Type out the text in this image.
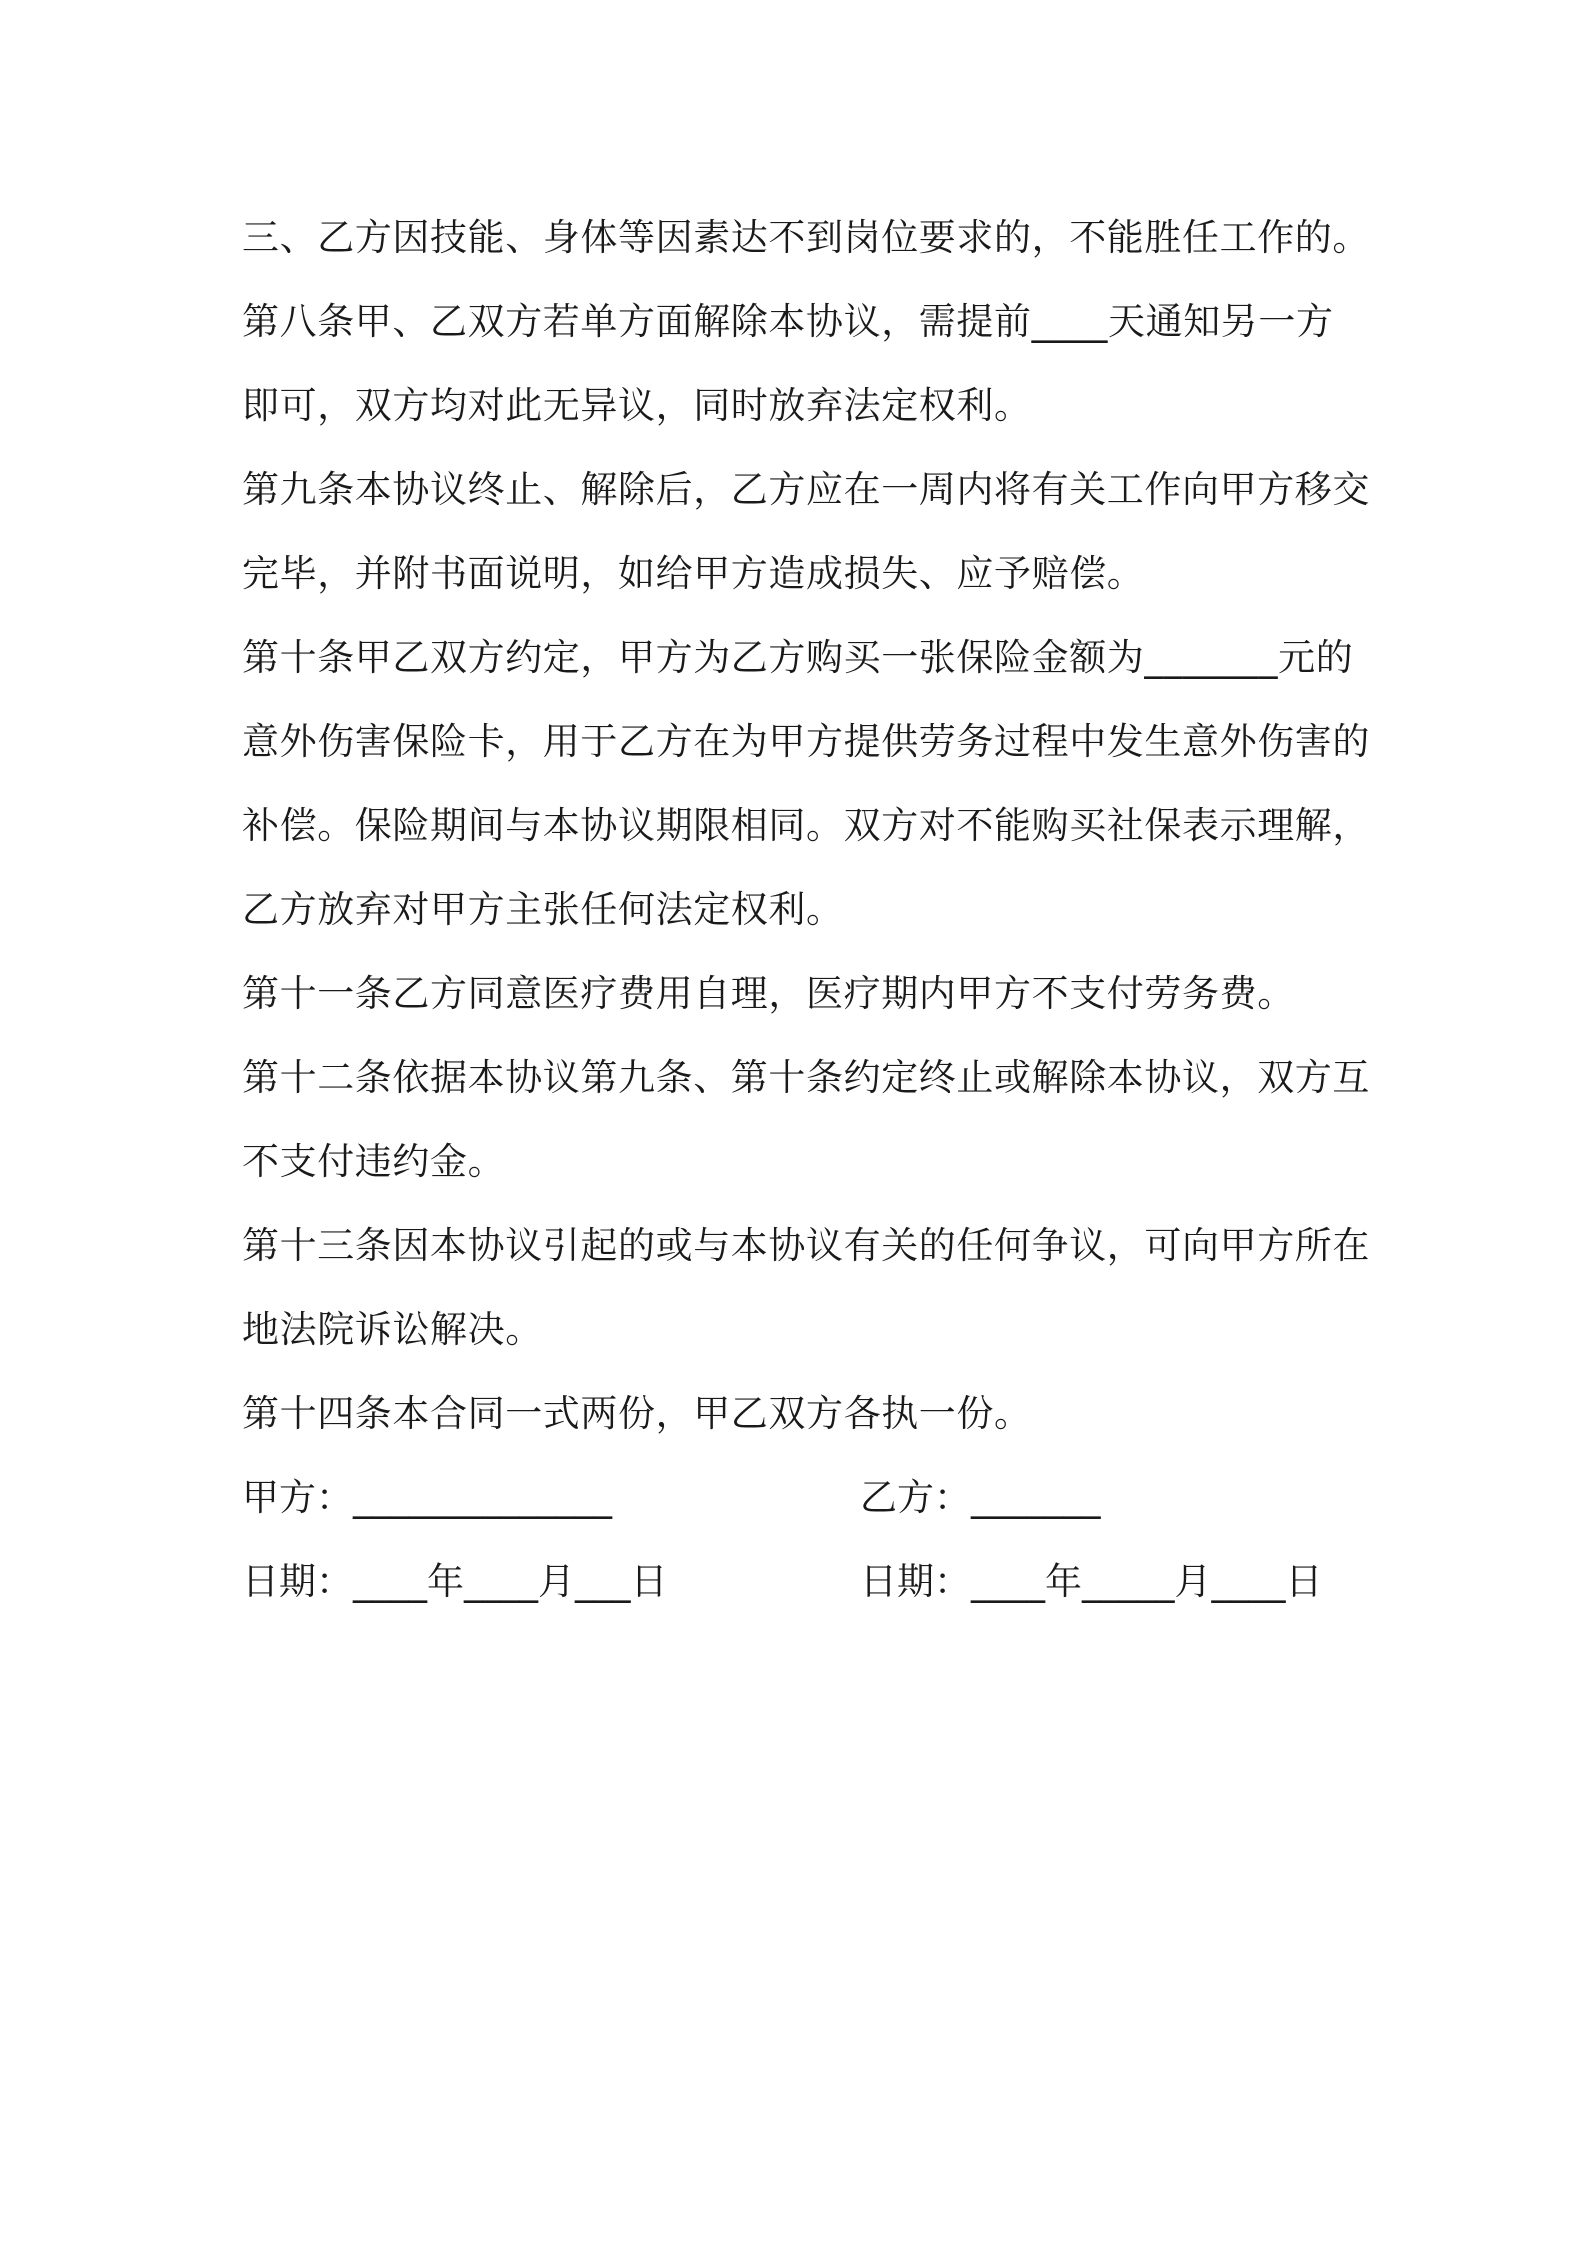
三、乙方因技能、身体等因素达不到岗位要求的，不能胜任工作的。
第八条甲、乙双方若单方面解除本协议，需提前____天通知另一方
即可，双方均对此无异议，同时放弃法定权利。
第九条本协议终止、解除后，乙方应在一周内将有关工作向甲方移交
完毕，并附书面说明，如给甲方造成损失、应予赔偿。
第十条甲乙双方约定，甲方为乙方购买一张保险金额为_______元的
意外伤害保险卡，用于乙方在为甲方提供劳务过程中发生意外伤害的
补偿。保险期间与本协议期限相同。双方对不能购买社保表示理解，
乙方放弃对甲方主张任何法定权利。
第十一条乙方同意医疗费用自理，医疗期内甲方不支付劳务费。
第十二条依据本协议第九条、第十条约定终止或解除本协议，双方互
不支付违约金。
第十三条因本协议引起的或与本协议有关的任何争议，可向甲方所在
地法院诉讼解决。
第十四条本合同一式两份，甲乙双方各执一份。
甲方：______________	乙方：_______
日期：____年____月___日	日期：____年_____月____日
